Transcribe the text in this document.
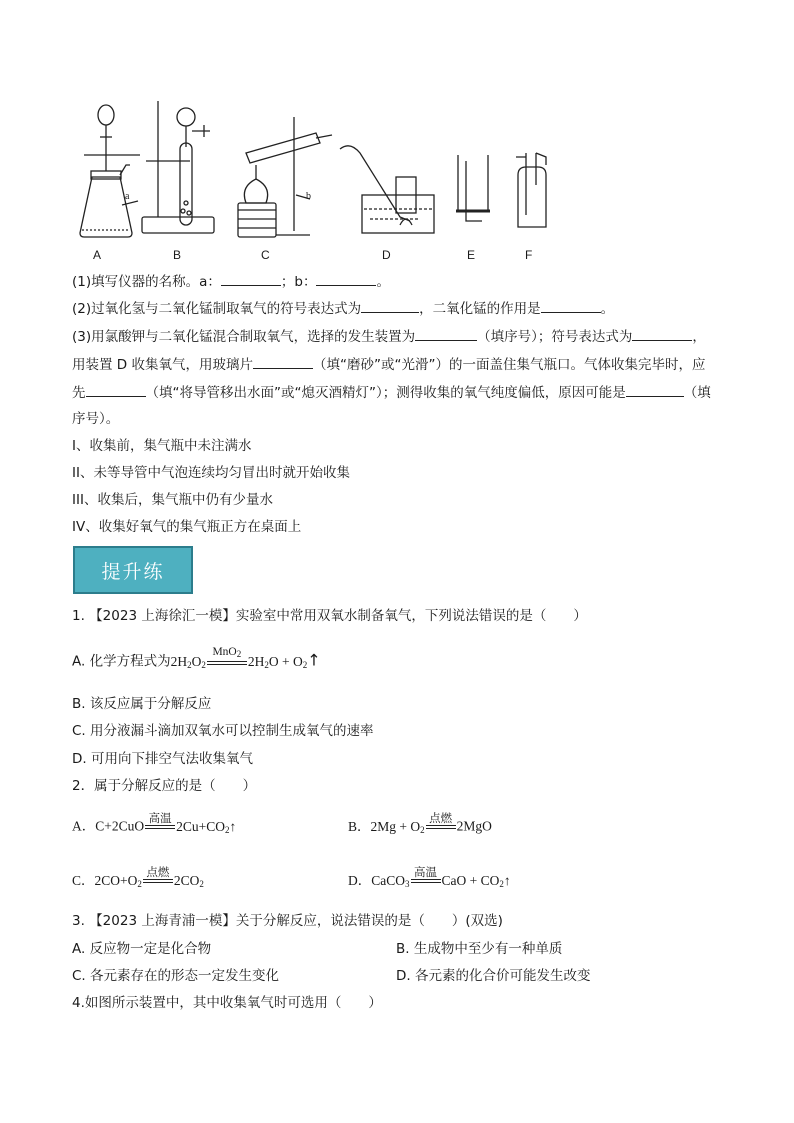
a	b
A	B	C	D	E	F
(1)填写仪器的名称。a：	；b：	。
(2)过氧化氢与二氧化锰制取氧气的符号表达式为	，二氧化锰的作用是	。
(3)用氯酸钾与二氧化锰混合制取氧气，选择的发生装置为	（填序号）；符号表达式为	，
用装置 D 收集氧气，用玻璃片	（填“磨砂”或“光滑”）的一面盖住集气瓶口。气体收集完毕时，应
先	（填“将导管移出水面”或“熄灭酒精灯”）；测得收集的氧气纯度偏低，原因可能是	（填
序号）。
I、收集前，集气瓶中未注满水
II、未等导管中气泡连续均匀冒出时就开始收集
III、收集后，集气瓶中仍有少量水
IV、收集好氧气的集气瓶正方在桌面上
提升练
1. 【2023 上海徐汇一模】实验室中常用双氧水制备氧气，下列说法错误的是（　　）
A. 化学方程式为$2H_2O_2$
MnO$_2$ $2H_2O$ + $O_2↑$
B. 该反应属于分解反应
C. 用分液漏斗滴加双氧水可以控制生成氧气的速率
D. 可用向下排空气法收集氧气
2．属于分解反应的是（　　）
A．C+2CuO
高温
$2Cu+CO_2↑$	B．$2Mg + O_2$
点燃
2MgO
C．$2CO+O_2$
点燃
$2CO_2$	D．CaCO$_3$
高温
CaO + $CO_2↑$
3. 【2023 上海青浦一模】关于分解反应，说法错误的是（　　）(双选)
A. 反应物一定是化合物	B. 生成物中至少有一种单质
C. 各元素存在的形态一定发生变化	D. 各元素的化合价可能发生改变
4.如图所示装置中，其中收集氧气时可选用（　　）
